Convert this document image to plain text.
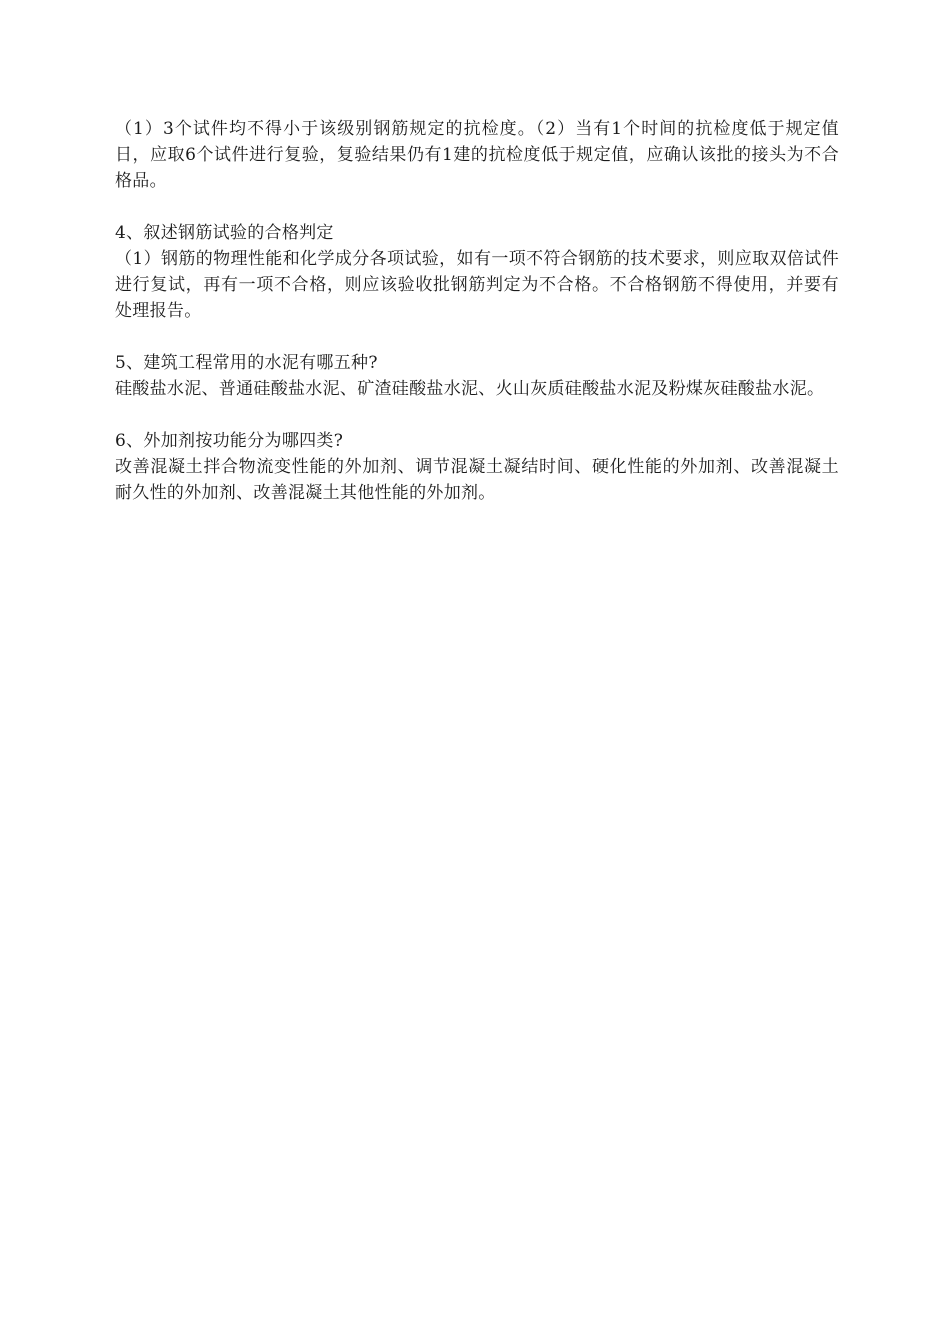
（1）3个试件均不得小于该级别钢筋规定的抗检度。（2）当有1个时间的抗检度低于规定值日，应取6个试件进行复验，复验结果仍有1建的抗检度低于规定值，应确认该批的接头为不合格品。

4、叙述钢筋试验的合格判定

（1）钢筋的物理性能和化学成分各项试验，如有一项不符合钢筋的技术要求，则应取双倍试件进行复试，再有一项不合格，则应该验收批钢筋判定为不合格。不合格钢筋不得使用，并要有处理报告。

5、建筑工程常用的水泥有哪五种?

硅酸盐水泥、普通硅酸盐水泥、矿渣硅酸盐水泥、火山灰质硅酸盐水泥及粉煤灰硅酸盐水泥。

6、外加剂按功能分为哪四类?

改善混凝土拌合物流变性能的外加剂、调节混凝土凝结时间、硬化性能的外加剂、改善混凝土耐久性的外加剂、改善混凝土其他性能的外加剂。
